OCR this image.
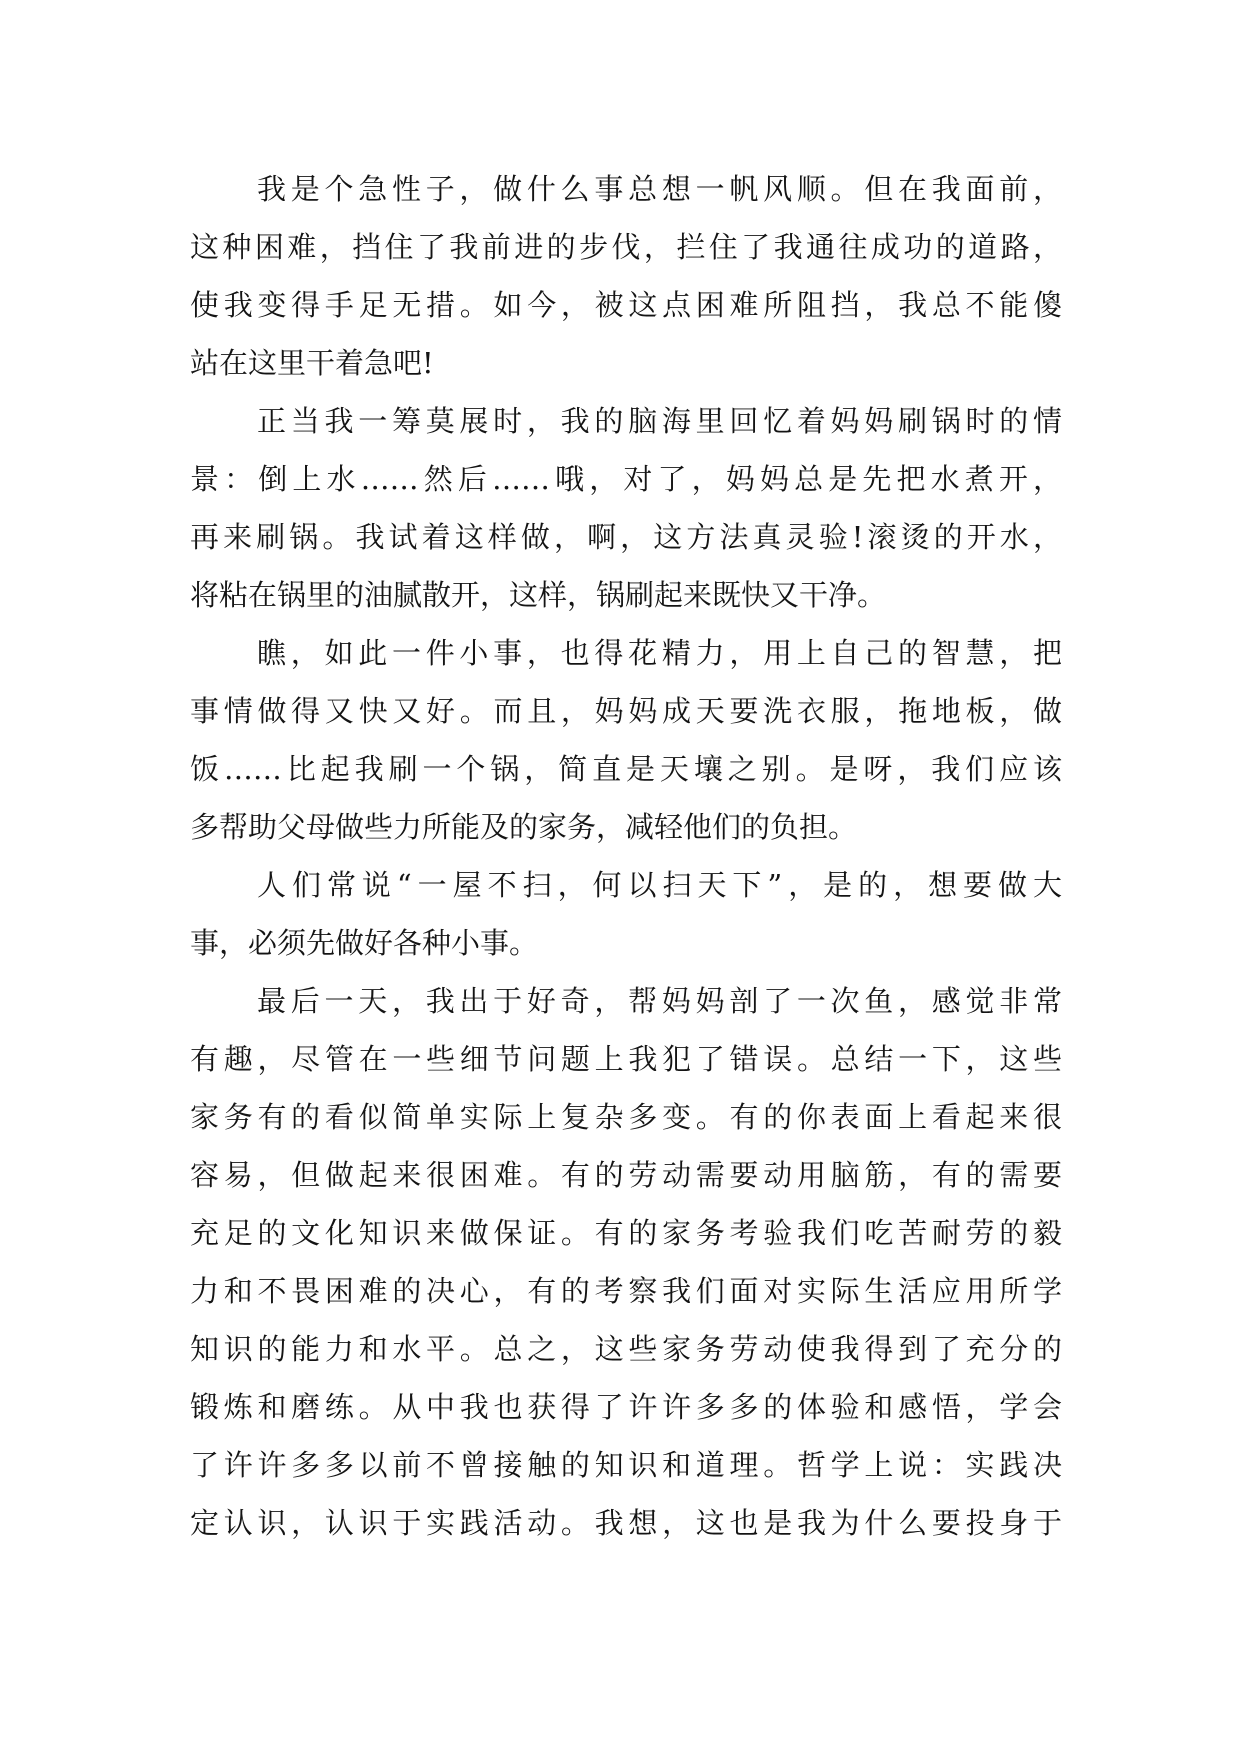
我是个急性子，做什么事总想一帆风顺。但在我面前，
这种困难，挡住了我前进的步伐，拦住了我通往成功的道路，
使我变得手足无措。如今，被这点困难所阻挡，我总不能傻
站在这里干着急吧!
正当我一筹莫展时，我的脑海里回忆着妈妈刷锅时的情
景：倒上水……然后……哦，对了，妈妈总是先把水煮开，
再来刷锅。我试着这样做，啊，这方法真灵验!滚烫的开水，
将粘在锅里的油腻散开，这样，锅刷起来既快又干净。
瞧，如此一件小事，也得花精力，用上自己的智慧，把
事情做得又快又好。而且，妈妈成天要洗衣服，拖地板，做
饭……比起我刷一个锅，简直是天壤之别。是呀，我们应该
多帮助父母做些力所能及的家务，减轻他们的负担。
人们常说“一屋不扫，何以扫天下”，是的，想要做大
事，必须先做好各种小事。
最后一天，我出于好奇，帮妈妈剖了一次鱼，感觉非常
有趣，尽管在一些细节问题上我犯了错误。总结一下，这些
家务有的看似简单实际上复杂多变。有的你表面上看起来很
容易，但做起来很困难。有的劳动需要动用脑筋，有的需要
充足的文化知识来做保证。有的家务考验我们吃苦耐劳的毅
力和不畏困难的决心，有的考察我们面对实际生活应用所学
知识的能力和水平。总之，这些家务劳动使我得到了充分的
锻炼和磨练。从中我也获得了许许多多的体验和感悟，学会
了许许多多以前不曾接触的知识和道理。哲学上说：实践决
定认识，认识于实践活动。我想，这也是我为什么要投身于
